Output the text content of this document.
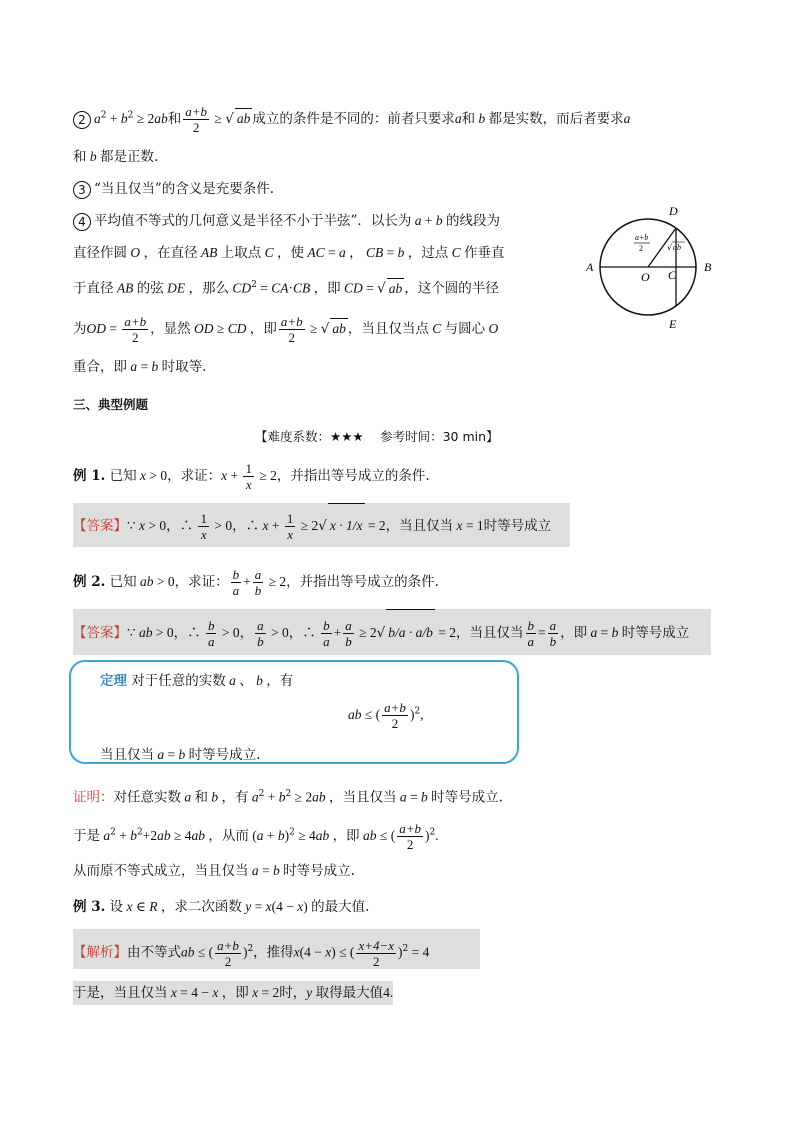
2 $a^2 + b^2 \ge 2ab$和 $\frac{a+b}{2}$ ≥ √ ab 成立的条件是不同的：前者只要求a和 b 都是实数，而后者要求a
和 b 都是正数.
3 “当且仅当”的含义是充要条件.
4 平均值不等式的几何意义是半径不小于半弦”．以长为 a + b 的线段为
直径作圆 O ，在直径 AB 上取点 C ，使 AC = a ， CB = b ，过点 C 作垂直
于直径 AB 的弦 DE ，那么 $CD^2 = CA\cdot CB$ ，即 CD = √ ab ，这个圆的半径
为OD = $\frac{a+b}{2}$ ，显然 OD ≥ CD ，即 $\frac{a+b}{2}$ ≥ √ ab ，当且仅当点 C 与圆心 O
重合，即 a = b 时取等.
A	B
D
E
O C
a+b
2	√ ab
三、典型例题
【难度系数：★★★　 参考时间：30 min】
例 1. 已知 x > 0，求证：$x + \frac{1}{x} \ge 2$，并指出等号成立的条件.
【答案】∵ x > 0，∴ $\frac{1}{x} > 0$，∴ $x + \frac{1}{x} \ge 2√$ x · 1/x = 2，当且仅当 x = 1时等号成立
例 2. 已知 ab > 0，求证： $\frac{b}{a} + \frac{a}{b} \ge 2$，并指出等号成立的条件.
【答案】∵ ab > 0，∴ $\frac{b}{a} > 0$， $\frac{a}{b} > 0$，∴ $\frac{b}{a} + \frac{a}{b} \ge 2√$ b/a · a/b = 2，当且仅当 $\frac{b}{a} = \frac{a}{b}$ ，即 a = b 时等号成立
定理 对于任意的实数 a 、 b ，有
ab ≤ ( $\frac{a+b}{2} )^2$,
当且仅当 a = b 时等号成立.
证明：对任意实数 a 和 b ，有 $a^2 + b^2 \ge 2ab$ ，当且仅当 a = b 时等号成立.
于是 $a^2 + b^2+2ab \ge 4ab$ ，从而 $(a + b)^2 \ge 4ab$ ，即 ab ≤ ( $\frac{a+b}{2} )^2$.
从而原不等式成立，当且仅当 a = b 时等号成立.
例 3. 设 x ∈ R ，求二次函数 y = x(4 − x) 的最大值.
【解析】由不等式ab ≤ ( $\frac{a+b}{2} )^2$，推得x(4 − x) ≤ ( $\frac{x+4-x}{2} )^2 = 4$
于是，当且仅当 x = 4 − x ，即 x = 2时，y 取得最大值4.
